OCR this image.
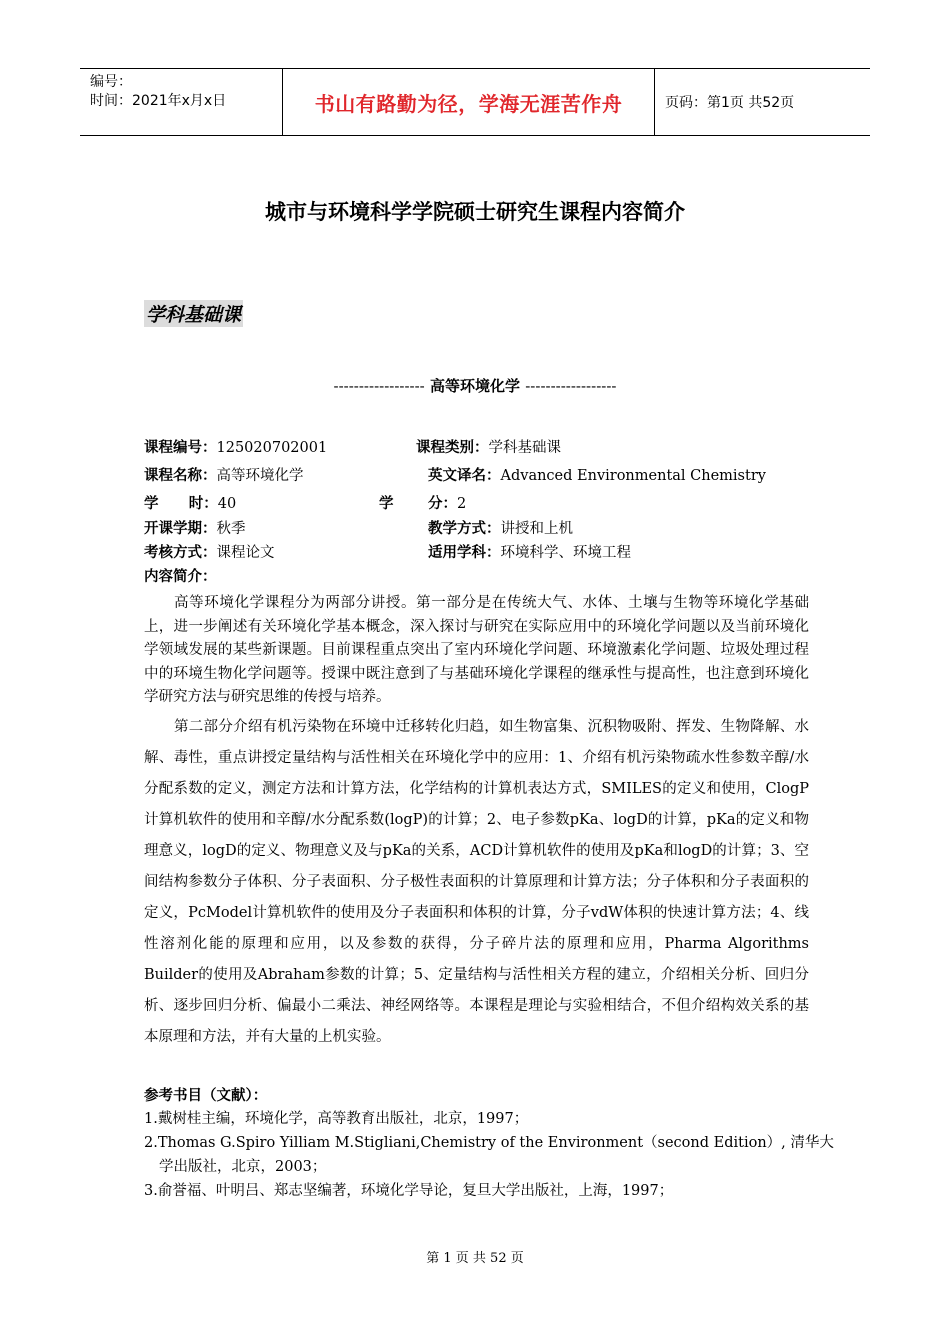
编号：
时间：2021年x月x日	书山有路勤为径，学海无涯苦作舟	页码：第1页 共52页
城市与环境科学学院硕士研究生课程内容简介
学科基础课
------------------ 高等环境化学 ------------------
课程编号：125020702001	课程类别：学科基础课
课程名称：高等环境化学	英文译名：Advanced Environmental Chemistry
学      时：40	学 分：2
开课学期：秋季	教学方式：讲授和上机
考核方式：课程论文	适用学科：环境科学、环境工程
内容简介：

高等环境化学课程分为两部分讲授。第一部分是在传统大气、水体、土壤与生物等环境化学基础上，进一步阐述有关环境化学基本概念，深入探讨与研究在实际应用中的环境化学问题以及当前环境化学领域发展的某些新课题。目前课程重点突出了室内环境化学问题、环境激素化学问题、垃圾处理过程中的环境生物化学问题等。授课中既注意到了与基础环境化学课程的继承性与提高性，也注意到环境化学研究方法与研究思维的传授与培养。

第二部分介绍有机污染物在环境中迁移转化归趋，如生物富集、沉积物吸附、挥发、生物降解、水解、毒性，重点讲授定量结构与活性相关在环境化学中的应用：1、介绍有机污染物疏水性参数辛醇/水分配系数的定义，测定方法和计算方法，化学结构的计算机表达方式，SMILES的定义和使用，ClogP计算机软件的使用和辛醇/水分配系数(logP)的计算；2、电子参数pKa、logD的计算，pKa的定义和物理意义，logD的定义、物理意义及与pKa的关系，ACD计算机软件的使用及pKa和logD的计算；3、空间结构参数分子体积、分子表面积、分子极性表面积的计算原理和计算方法；分子体积和分子表面积的定义，PcModel计算机软件的使用及分子表面积和体积的计算，分子vdW体积的快速计算方法；4、线性溶剂化能的原理和应用，以及参数的获得，分子碎片法的原理和应用，Pharma Algorithms Builder的使用及Abraham参数的计算；5、定量结构与活性相关方程的建立，介绍相关分析、回归分析、逐步回归分析、偏最小二乘法、神经网络等。本课程是理论与实验相结合，不但介绍构效关系的基本原理和方法，并有大量的上机实验。

参考书目（文献）：
1.戴树桂主编，环境化学，高等教育出版社，北京，1997；
2.Thomas G.Spiro Yilliam M.Stigliani,Chemistry of the Environment（second Edition）, 清华大学出版社，北京，2003；
3.俞誉福、叶明吕、郑志坚编著，环境化学导论，复旦大学出版社，上海，1997；
第 1 页 共 52 页
